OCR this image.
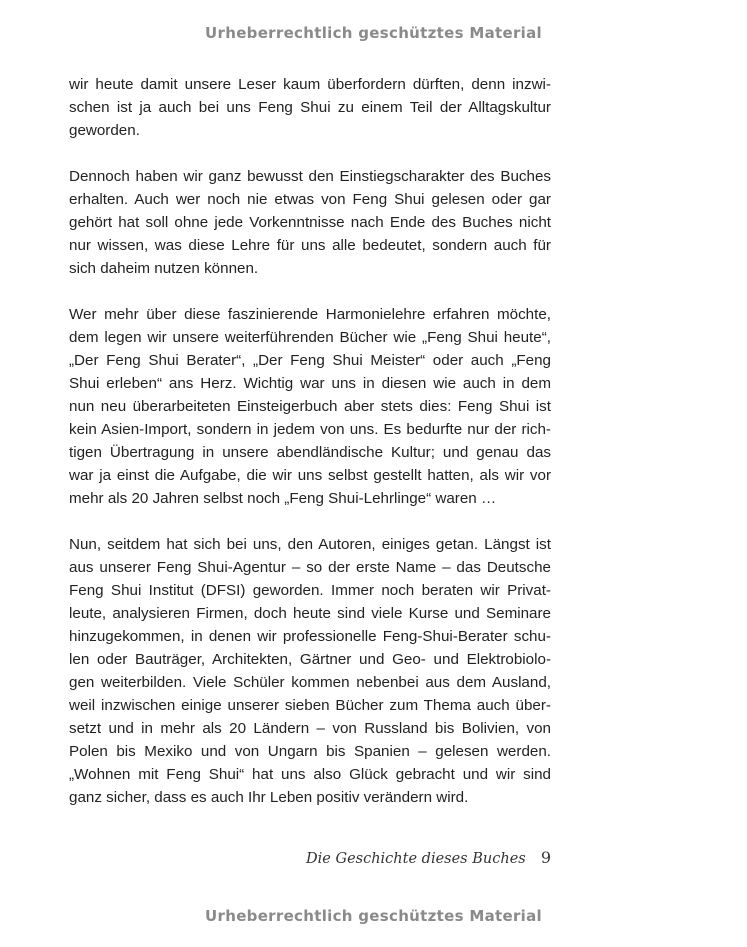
Urheberrechtlich geschütztes Material
wir heute damit unsere Leser kaum überfordern dürften, denn inzwi-
schen ist ja auch bei uns Feng Shui zu einem Teil der Alltagskultur
geworden.
Dennoch haben wir ganz bewusst den Einstiegscharakter des Buches
erhalten. Auch wer noch nie etwas von Feng Shui gelesen oder gar
gehört hat soll ohne jede Vorkenntnisse nach Ende des Buches nicht
nur wissen, was diese Lehre für uns alle bedeutet, sondern auch für
sich daheim nutzen können.
Wer mehr über diese faszinierende Harmonielehre erfahren möchte,
dem legen wir unsere weiterführenden Bücher wie „Feng Shui heute“,
„Der Feng Shui Berater“, „Der Feng Shui Meister“ oder auch „Feng
Shui erleben“ ans Herz. Wichtig war uns in diesen wie auch in dem
nun neu überarbeiteten Einsteigerbuch aber stets dies: Feng Shui ist
kein Asien-Import, sondern in jedem von uns. Es bedurfte nur der rich-
tigen Übertragung in unsere abendländische Kultur; und genau das
war ja einst die Aufgabe, die wir uns selbst gestellt hatten, als wir vor
mehr als 20 Jahren selbst noch „Feng Shui-Lehrlinge“ waren …
Nun, seitdem hat sich bei uns, den Autoren, einiges getan. Längst ist
aus unserer Feng Shui-Agentur – so der erste Name – das Deutsche
Feng Shui Institut (DFSI) geworden. Immer noch beraten wir Privat-
leute, analysieren Firmen, doch heute sind viele Kurse und Seminare
hinzugekommen, in denen wir professionelle Feng-Shui-Berater schu-
len oder Bauträger, Architekten, Gärtner und Geo- und Elektrobiolo-
gen weiterbilden. Viele Schüler kommen nebenbei aus dem Ausland,
weil inzwischen einige unserer sieben Bücher zum Thema auch über-
setzt und in mehr als 20 Ländern – von Russland bis Bolivien, von
Polen bis Mexiko und von Ungarn bis Spanien – gelesen werden.
„Wohnen mit Feng Shui“ hat uns also Glück gebracht und wir sind
ganz sicher, dass es auch Ihr Leben positiv verändern wird.
Die Geschichte dieses Buches 9
Urheberrechtlich geschütztes Material
